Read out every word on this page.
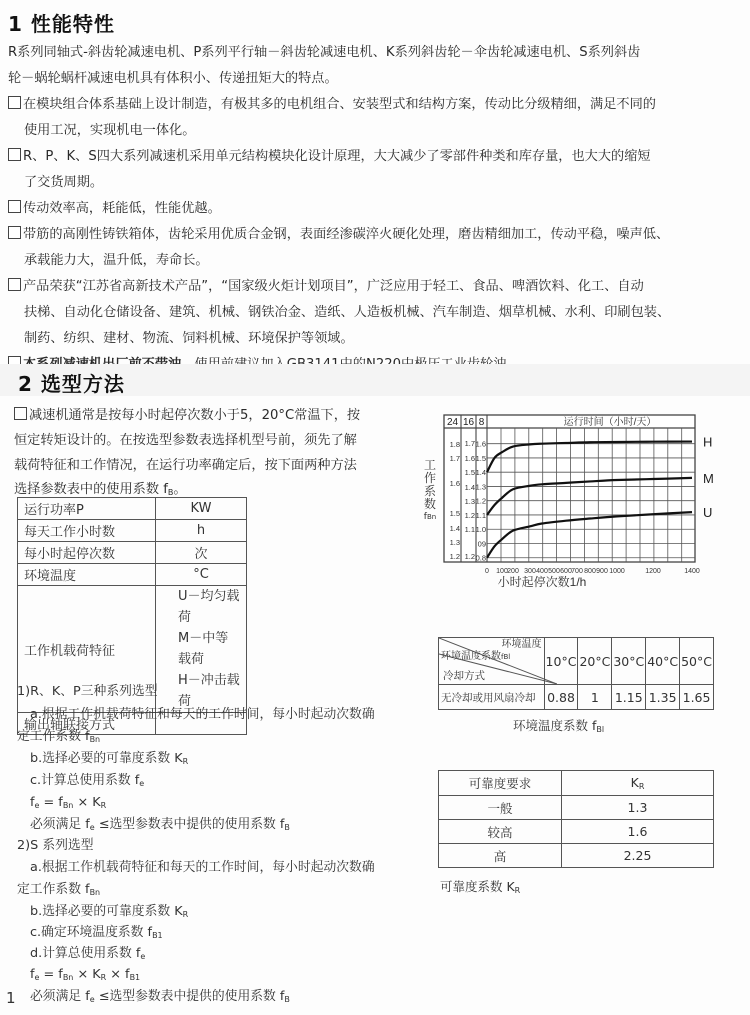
1 性能特性
R系列同轴式-斜齿轮减速电机、P系列平行轴－斜齿轮减速电机、K系列斜齿轮－伞齿轮减速电机、S系列斜齿
轮－蜗轮蜗杆减速电机具有体积小、传递扭矩大的特点。
在模块组合体系基础上设计制造，有极其多的电机组合、安装型式和结构方案，传动比分级精细，满足不同的
使用工况，实现机电一体化。
R、P、K、S四大系列减速机采用单元结构模块化设计原理，大大减少了零部件种类和库存量，也大大的缩短
了交货周期。
传动效率高，耗能低，性能优越。
带筋的高刚性铸铁箱体，齿轮采用优质合金钢，表面经渗碳淬火硬化处理，磨齿精细加工，传动平稳，噪声低、
承载能力大，温升低，寿命长。
产品荣获“江苏省高新技术产品”，“国家级火炬计划项目”，广泛应用于轻工、食品、啤酒饮料、化工、自动
扶梯、自动化仓储设备、建筑、机械、钢铁冶金、造纸、人造板机械、汽车制造、烟草机械、水利、印刷包装、
制药、纺织、建材、物流、饲料机械、环境保护等领域。
2 选型方法
减速机通常是按每小时起停次数小于5，20°C常温下，按
恒定转矩设计的。在按选型参数表选择机型号前，须先了解
载荷特征和工作情况，在运行功率确定后，按下面两种方法
选择参数表中的使用系数 $f_B$。
运行功率P	KW
每天工作小时数	h
每小时起停次数	次
环境温度	°C
工作机载荷特征	U－均匀载荷
M－中等载荷
H－冲击载荷

输出轴联接方式	
1)R、K、P三种系列选型
a.根据工作机载荷特征和每天的工作时间，每小时起动次数确
定工作系数 $f_{Bn}$
b.选择必要的可靠度系数 $K_R$
c.计算总使用系数 $f_e$
$f_e = f_{Bn} \times K_R$
必须满足 $f_e$ ≤选型参数表中提供的使用系数 $f_B$
2)S 系列选型
a.根据工作机载荷特征和每天的工作时间，每小时起动次数确
定工作系数 $f_{Bn}$
b.选择必要的可靠度系数 $K_R$
c.确定环境温度系数 $f_{B1}$
d.计算总使用系数 $f_e$
$f_e = f_{Bn} \times K_R \times f_{B1}$
1	必须满足 $f_e$ ≤选型参数表中提供的使用系数 $f_B$
24 16 8
0 100 200 300 400 500 600 700 800 900 1000	1200	1400
1.6
1.5
1.4
1.3
1.2
1.1
1.0
09
0.8
1.7
1.6
1.5
1.4
1.3
1.2
1.1
1.2
1.8
1.7
1.6
1.5
1.4
1.3
1.2
H
M
U
运行时间（小时/天）
小时起停次数1/h
工
作
系
数
fBn
环境温度
环境温度系数fBl
冷却方式	10°C	20°C	30°C	40°C	50°C
无冷却或用风扇冷却	0.88	1	1.15	1.35	1.65
环境温度系数 $f_{Bl}$
可靠度要求	$K_R$
一般	1.3
较高	1.6
高	2.25
可靠度系数 $K_R$
